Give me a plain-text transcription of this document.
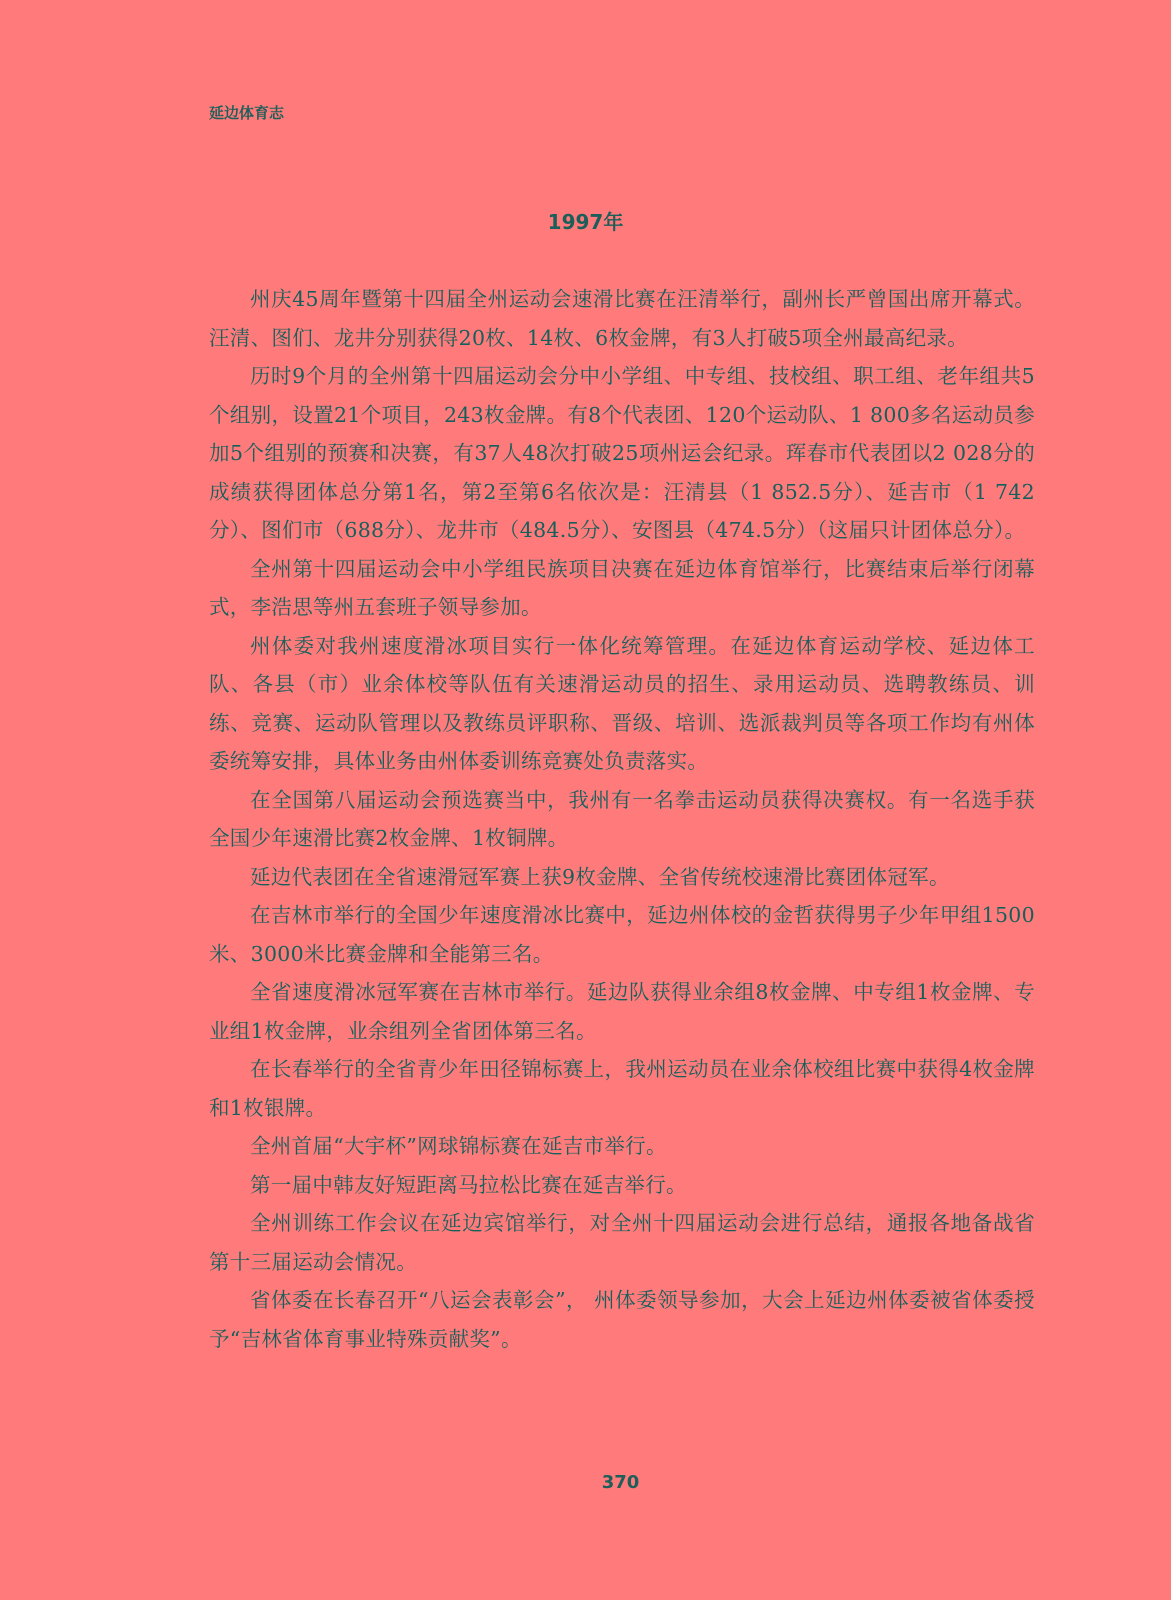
延边体育志
1997年

州庆45周年暨第十四届全州运动会速滑比赛在汪清举行，副州长严曾国出席开幕式。汪清、图们、龙井分别获得20枚、14枚、6枚金牌，有3人打破5项全州最高纪录。

历时9个月的全州第十四届运动会分中小学组、中专组、技校组、职工组、老年组共5个组别，设置21个项目，243枚金牌。有8个代表团、120个运动队、1 800多名运动员参加5个组别的预赛和决赛，有37人48次打破25项州运会纪录。珲春市代表团以2 028分的成绩获得团体总分第1名，第2至第6名依次是：汪清县（1 852.5分）、延吉市（1 742分）、图们市（688分）、龙井市（484.5分）、安图县（474.5分）（这届只计团体总分）。

全州第十四届运动会中小学组民族项目决赛在延边体育馆举行，比赛结束后举行闭幕式，李浩思等州五套班子领导参加。

州体委对我州速度滑冰项目实行一体化统筹管理。在延边体育运动学校、延边体工队、各县（市）业余体校等队伍有关速滑运动员的招生、录用运动员、选聘教练员、训练、竞赛、运动队管理以及教练员评职称、晋级、培训、选派裁判员等各项工作均有州体委统筹安排，具体业务由州体委训练竞赛处负责落实。

在全国第八届运动会预选赛当中，我州有一名拳击运动员获得决赛权。有一名选手获全国少年速滑比赛2枚金牌、1枚铜牌。

延边代表团在全省速滑冠军赛上获9枚金牌、全省传统校速滑比赛团体冠军。

在吉林市举行的全国少年速度滑冰比赛中，延边州体校的金哲获得男子少年甲组1500米、3000米比赛金牌和全能第三名。

全省速度滑冰冠军赛在吉林市举行。延边队获得业余组8枚金牌、中专组1枚金牌、专业组1枚金牌，业余组列全省团体第三名。

在长春举行的全省青少年田径锦标赛上，我州运动员在业余体校组比赛中获得4枚金牌和1枚银牌。

全州首届“大宇杯”网球锦标赛在延吉市举行。

第一届中韩友好短距离马拉松比赛在延吉举行。

全州训练工作会议在延边宾馆举行，对全州十四届运动会进行总结，通报各地备战省第十三届运动会情况。

省体委在长春召开“八运会表彰会”， 州体委领导参加，大会上延边州体委被省体委授予“吉林省体育事业特殊贡献奖”。

370
